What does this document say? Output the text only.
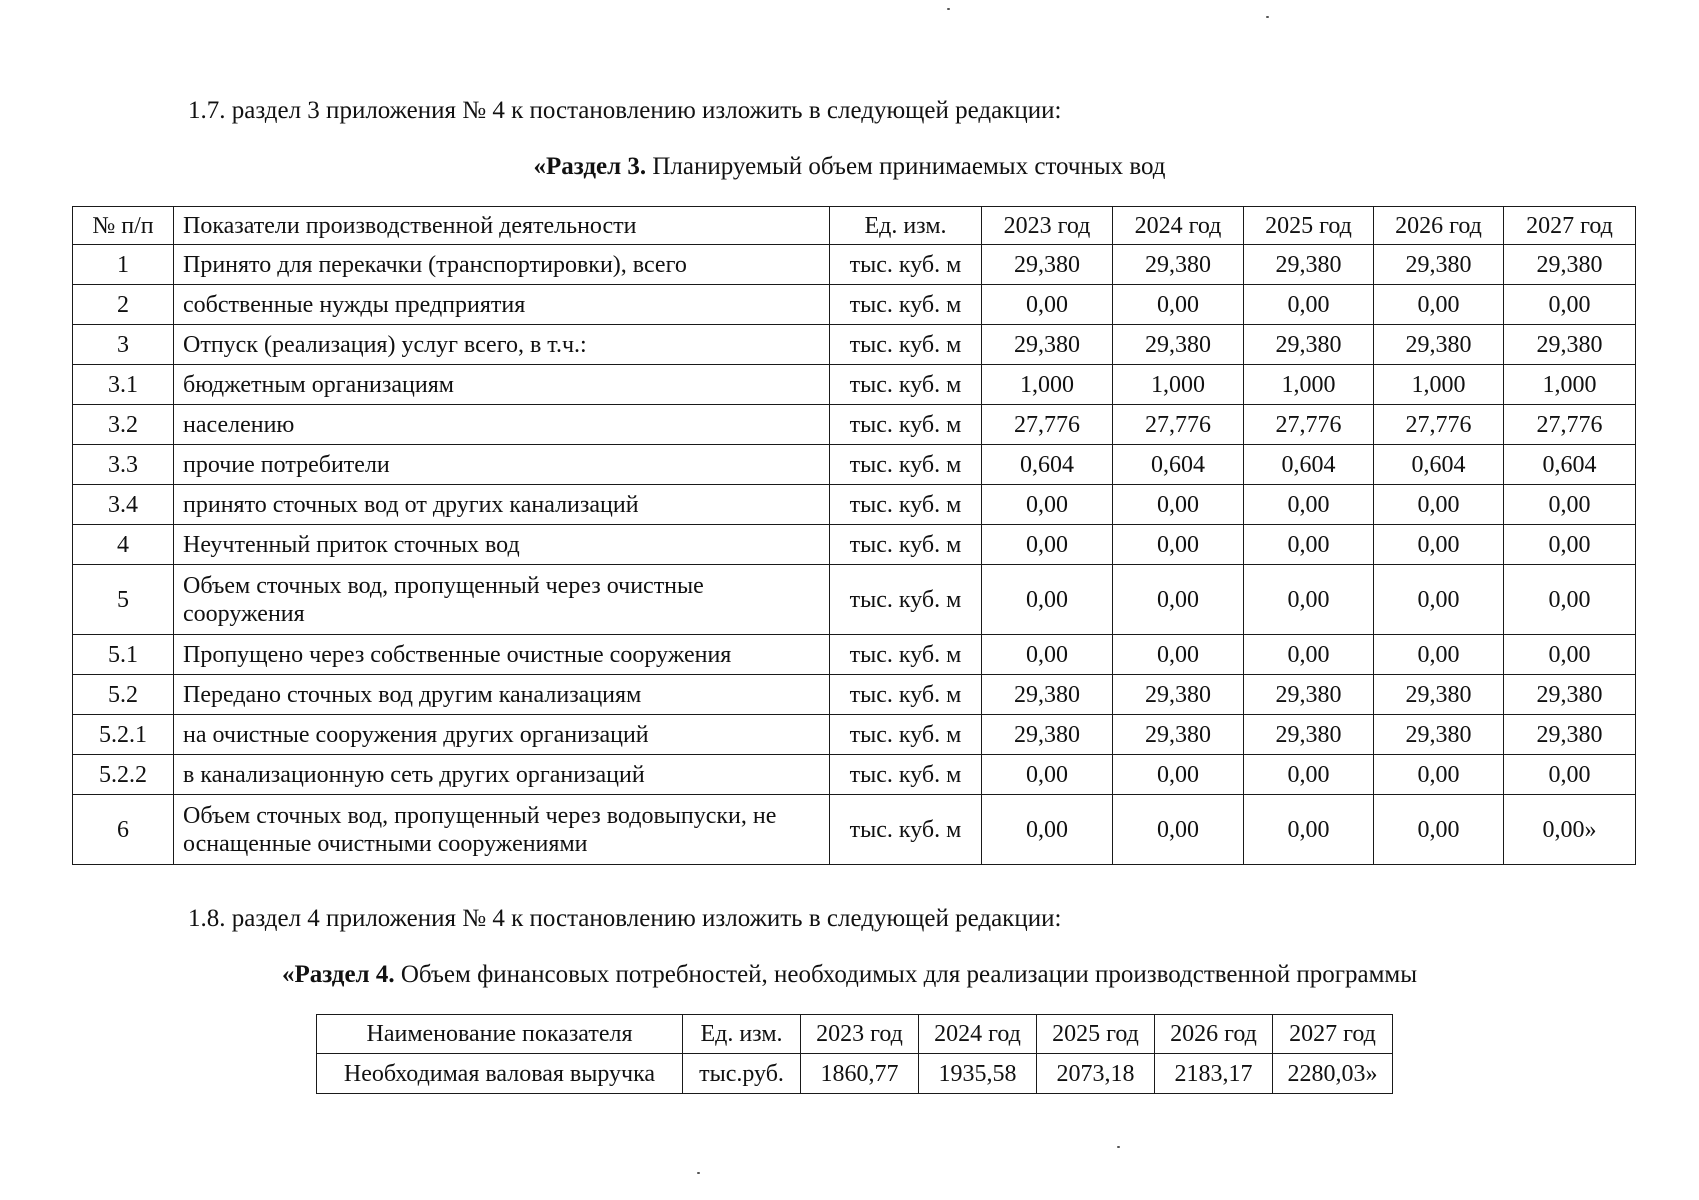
1.7. раздел 3 приложения № 4 к постановлению изложить в следующей редакции:
«Раздел 3. Планируемый объем принимаемых сточных вод
№ п/п	Показатели производственной деятельности	Ед. изм.	2023 год	2024 год	2025 год	2026 год	2027 год
1	Принято для перекачки (транспортировки), всего	тыс. куб. м	29,380	29,380	29,380	29,380	29,380
2	собственные нужды предприятия	тыс. куб. м	0,00	0,00	0,00	0,00	0,00
3	Отпуск (реализация) услуг всего, в т.ч.:	тыс. куб. м	29,380	29,380	29,380	29,380	29,380
3.1	бюджетным организациям	тыс. куб. м	1,000	1,000	1,000	1,000	1,000
3.2	населению	тыс. куб. м	27,776	27,776	27,776	27,776	27,776
3.3	прочие потребители	тыс. куб. м	0,604	0,604	0,604	0,604	0,604
3.4	принято сточных вод от других канализаций	тыс. куб. м	0,00	0,00	0,00	0,00	0,00
4	Неучтенный приток сточных вод	тыс. куб. м	0,00	0,00	0,00	0,00	0,00
5	Объем сточных вод, пропущенный через очистные сооружения	тыс. куб. м	0,00	0,00	0,00	0,00	0,00
5.1	Пропущено через собственные очистные сооружения	тыс. куб. м	0,00	0,00	0,00	0,00	0,00
5.2	Передано сточных вод другим канализациям	тыс. куб. м	29,380	29,380	29,380	29,380	29,380
5.2.1	на очистные сооружения других организаций	тыс. куб. м	29,380	29,380	29,380	29,380	29,380
5.2.2	в канализационную сеть других организаций	тыс. куб. м	0,00	0,00	0,00	0,00	0,00
6	Объем сточных вод, пропущенный через водовыпуски, не оснащенные очистными сооружениями	тыс. куб. м	0,00	0,00	0,00	0,00	0,00»
1.8. раздел 4 приложения № 4 к постановлению изложить в следующей редакции:
«Раздел 4. Объем финансовых потребностей, необходимых для реализации производственной программы
Наименование показателя	Ед. изм.	2023 год	2024 год	2025 год	2026 год	2027 год
Необходимая валовая выручка	тыс.руб.	1860,77	1935,58	2073,18	2183,17	2280,03»
